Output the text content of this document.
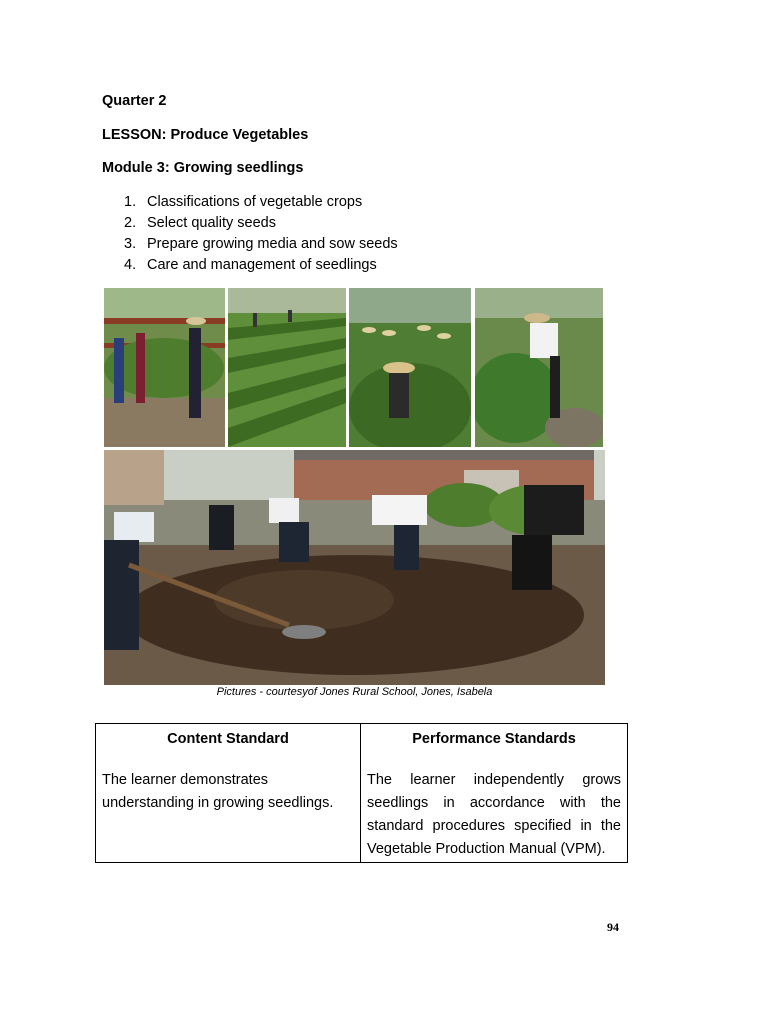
Quarter 2
LESSON: Produce Vegetables
Module 3: Growing seedlings
1. Classifications of vegetable crops
2. Select quality seeds
3. Prepare growing media and sow seeds
4. Care and management of seedlings
Pictures - courtesyof Jones Rural School, Jones, Isabela
Content Standard

The learner demonstrates understanding in growing seedlings.

Performance Standards

The learner independently grows seedlings in accordance with the standard procedures specified in the Vegetable Production Manual (VPM).

94
